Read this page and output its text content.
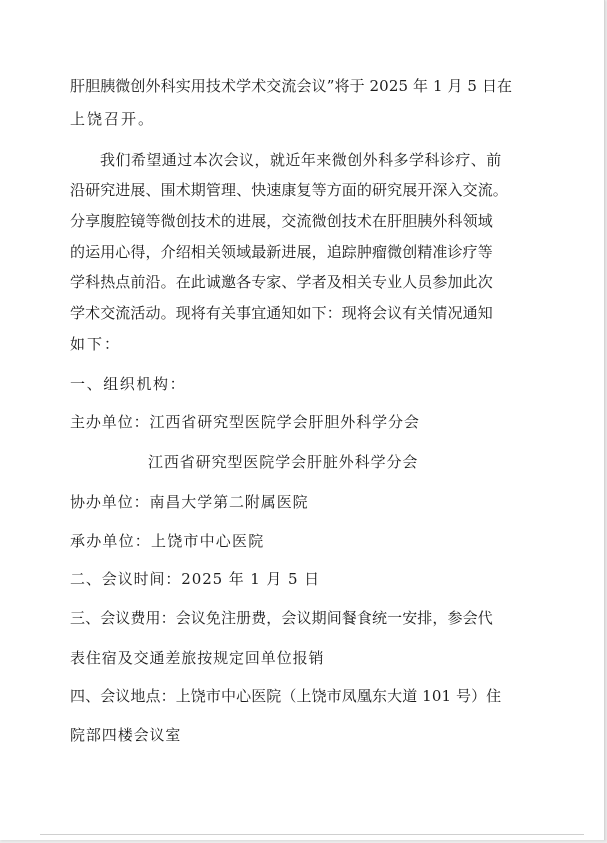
肝胆胰微创外科实用技术学术交流会议”将于 2025 年 1 月 5 日在
上饶召开。
我们希望通过本次会议，就近年来微创外科多学科诊疗、前
沿研究进展、围术期管理、快速康复等方面的研究展开深入交流。
分享腹腔镜等微创技术的进展，交流微创技术在肝胆胰外科领域
的运用心得，介绍相关领域最新进展，追踪肿瘤微创精准诊疗等
学科热点前沿。在此诚邀各专家、学者及相关专业人员参加此次
学术交流活动。现将有关事宜通知如下：现将会议有关情况通知
如下：
一、组织机构：
主办单位：江西省研究型医院学会肝胆外科学分会
江西省研究型医院学会肝脏外科学分会
协办单位：南昌大学第二附属医院
承办单位：上饶市中心医院
二、会议时间：2025 年 1 月 5 日
三、会议费用：会议免注册费，会议期间餐食统一安排，参会代
表住宿及交通差旅按规定回单位报销
四、会议地点：上饶市中心医院（上饶市凤凰东大道 101 号）住
院部四楼会议室
